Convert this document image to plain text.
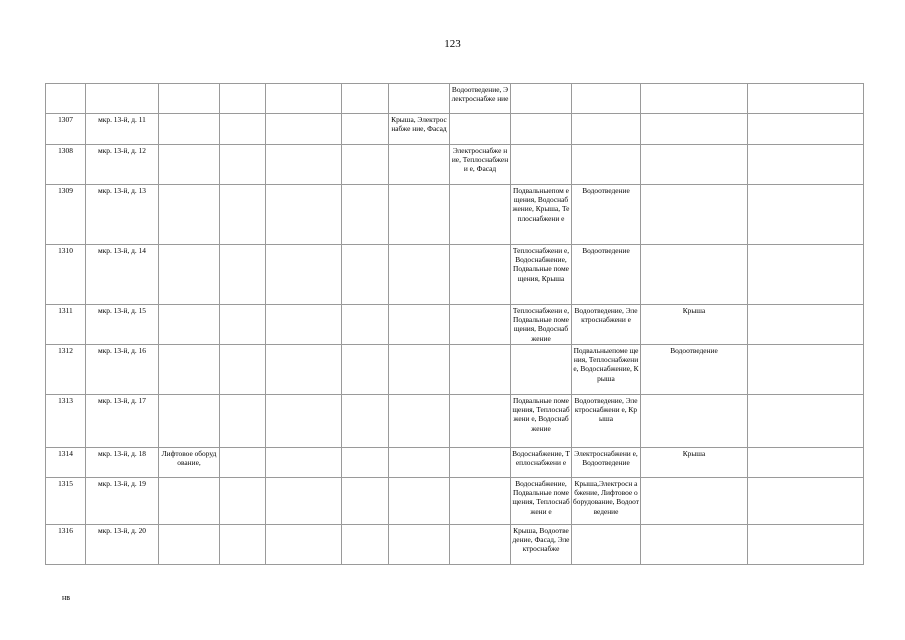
123
							Водоотведение, Электроснабже ние				
1307	мкр. 13-й, д. 11					Крыша, Электроснабже ние, Фасад					
1308	мкр. 13-й, д. 12						Электроснабже ние, Теплоснабжени е, Фасад				
1309	мкр. 13-й, д. 13							Подвальныепом ещения, Водоснабжение, Крыша, Теплоснабжени е	Водоотведение		
1310	мкр. 13-й, д. 14							Теплоснабжени е, Водоснабжение, Подвальные помещения, Крыша	Водоотведение		
1311	мкр. 13-й, д. 15							Теплоснабжени е, Подвальные помещения, Водоснабжение	Водоотведение, Электроснабжени е	Крыша	
1312	мкр. 13-й, д. 16								Подвальныепоме щения, Теплоснабжение, Водоснабжение, Крыша	Водоотведение	
1313	мкр. 13-й, д. 17							Подвальные помещения, Теплоснабжени е, Водоснабжение	Водоотведение, Электроснабжени е, Крыша		
1314	мкр. 13-й, д. 18	Лифтовое оборудование,						Водоснабжение, Теплоснабжени е	Электроснабжени е, Водоотведение	Крыша	
1315	мкр. 13-й, д. 19							Водоснабжение, Подвальные помещения, Теплоснабжени е	Крыша,Электросн абжение, Лифтовое оборудование, Водоотведение		
1316	мкр. 13-й, д. 20							Крыша, Водоотведение, Фасад, Электроснабже			
нв
